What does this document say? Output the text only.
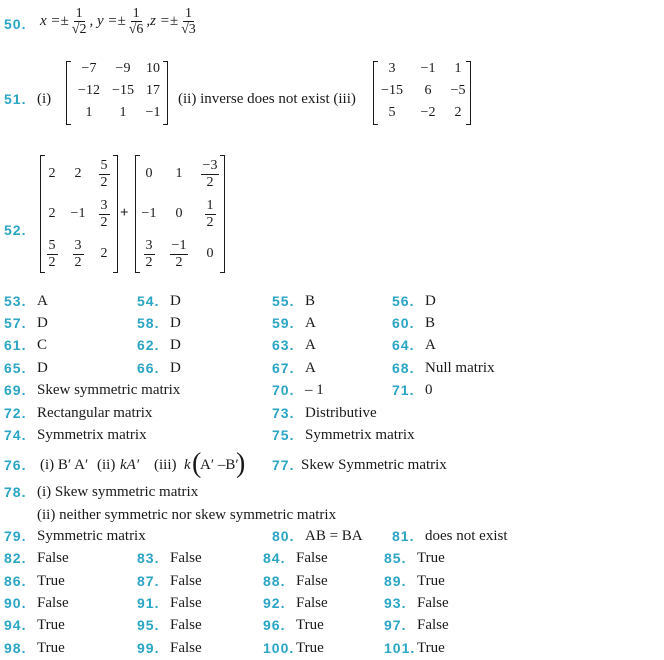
50. $x =\pm \frac{1}{√2}$ , $y =\pm \frac{1}{√6} ,z =\pm \frac{1}{√3}$
51. (i)
−7	−9	10
−12 −15 17
1	1	−1
(ii) inverse does not exist (iii)
3	−1	1
−15	6	−5
5	−2	2
52.
2 $2 \frac{5}{2}$
$2 -1 \frac{3}{2}$
$\frac{5}{2} \frac{3}{2} 2$
+
0 $1 \frac{-3}{2}$
−1 $0 \frac{1}{2}$
$\frac{3}{2} \frac{-1}{2} 0$
53. A	54. D	55. B	56. D
57. D	58. D	59. A	60. B
61. C	62. D	63. A	64. A
65. D	66. D	67. A	68. Null matrix
69. Skew symmetric matrix	70. – 1	71. 0
72. Rectangular matrix	73. Distributive
74. Symmetrix matrix	75. Symmetrix matrix
76. (i) B′ A′ (ii) kA′ (iii) k (
A′ –B′
) 77. Skew Symmetric matrix
78. (i) Skew symmetric matrix
(ii) neither symmetric nor skew symmetric matrix
79. Symmetric matrix	80. AB = BA 81. does not exist
82. False	83. False	84. False	85. True
86. True	87. False	88. False	89. True
90. False	91. False	92. False	93. False
94. True	95. False	96. True	97. False
98. True	99. False	100. True	101. True
